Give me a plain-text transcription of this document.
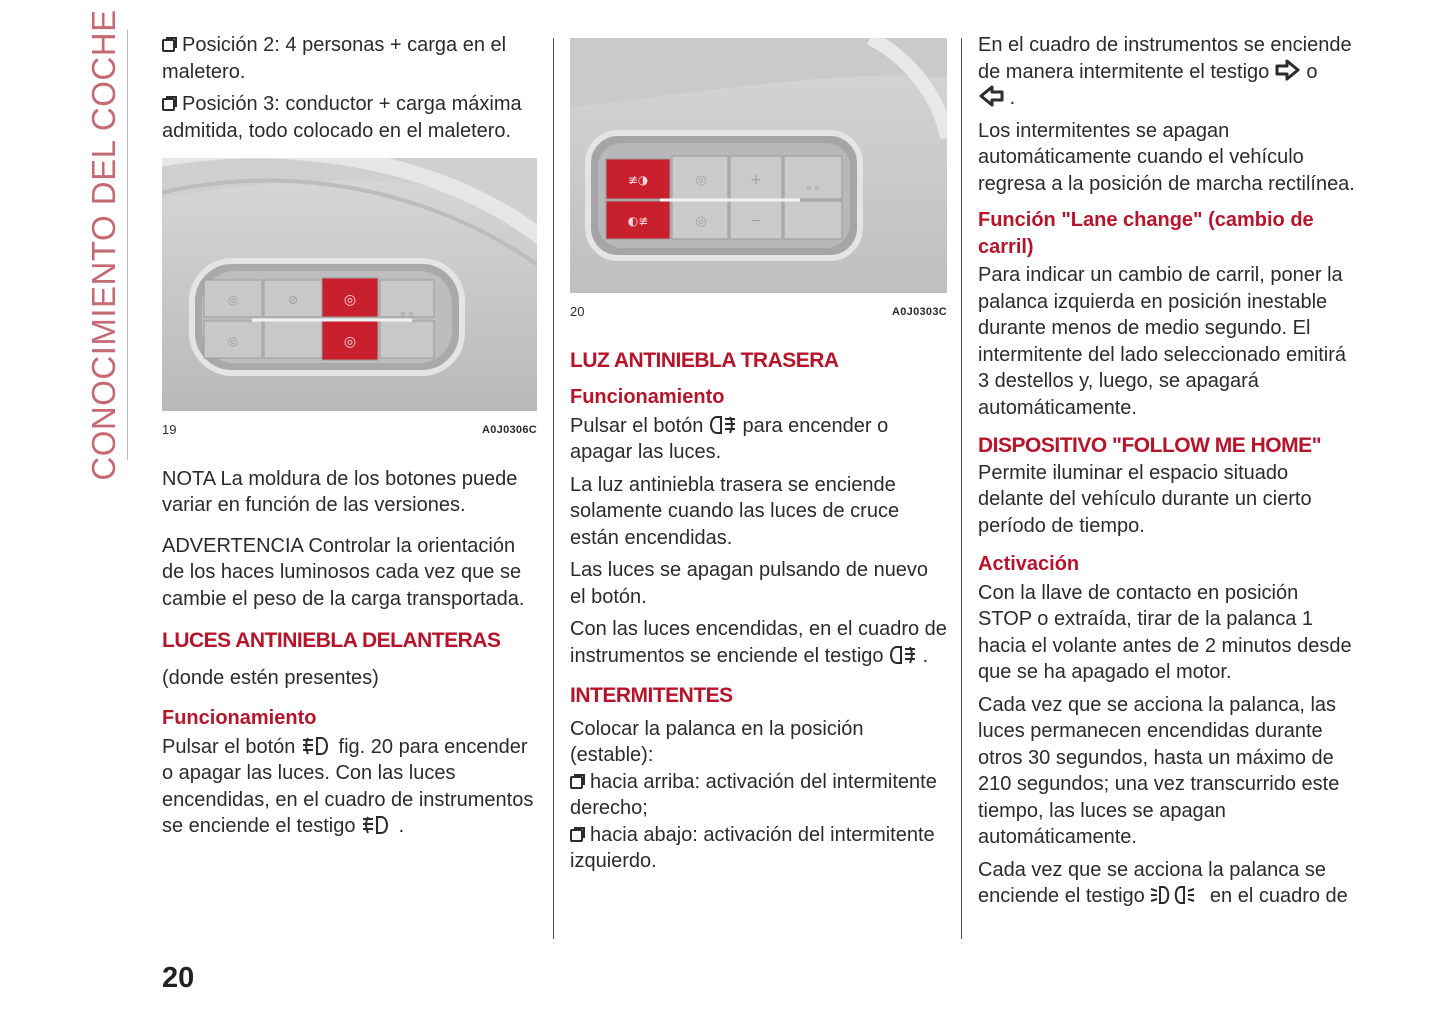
CONOCIMIENTO DEL COCHE	Posición 2: 4 personas + carga en el maletero.

Posición 3: conductor + carga máxima admitida, todo colocado en el maletero.

◎
◎
◎	⊘
◎
≡ ≡
19	A0J0306C

NOTA La moldura de los botones puede variar en función de las versiones.

ADVERTENCIA Controlar la orientación de los haces luminosos cada vez que se cambie el peso de la carga transportada.

LUCES ANTINIEBLA DELANTERAS

(donde estén presentes)

Funcionamiento

Pulsar el botón fig. 20 para encender o apagar las luces. Con las luces encendidas, en el cuadro de instrumentos se enciende el testigo .

≢◑
◐≢
◎
◎
+
−
≡ ≡
20	A0J0303C
LUZ ANTINIEBLA TRASERA
Funcionamiento

Pulsar el botón para encender o apagar las luces.

La luz antiniebla trasera se enciende solamente cuando las luces de cruce están encendidas.

Las luces se apagan pulsando de nuevo el botón.

Con las luces encendidas, en el cuadro de instrumentos se enciende el testigo .

INTERMITENTES

Colocar la palanca en la posición (estable):

hacia arriba: activación del intermitente derecho;

hacia abajo: activación del intermitente izquierdo.

En el cuadro de instrumentos se enciende de manera intermitente el testigo o
.

Los intermitentes se apagan automáticamente cuando el vehículo regresa a la posición de marcha rectilínea.

Función "Lane change" (cambio de carril)

Para indicar un cambio de carril, poner la palanca izquierda en posición inestable durante menos de medio segundo. El intermitente del lado seleccionado emitirá 3 destellos y, luego, se apagará automáticamente.

DISPOSITIVO "FOLLOW ME HOME"

Permite iluminar el espacio situado delante del vehículo durante un cierto período de tiempo.

Activación

Con la llave de contacto en posición STOP o extraída, tirar de la palanca 1 hacia el volante antes de 2 minutos desde que se ha apagado el motor.

Cada vez que se acciona la palanca, las luces permanecen encendidas durante otros 30 segundos, hasta un máximo de 210 segundos; una vez transcurrido este tiempo, las luces se apagan automáticamente.

Cada vez que se acciona la palanca se enciende el testigo	en el cuadro de

20
